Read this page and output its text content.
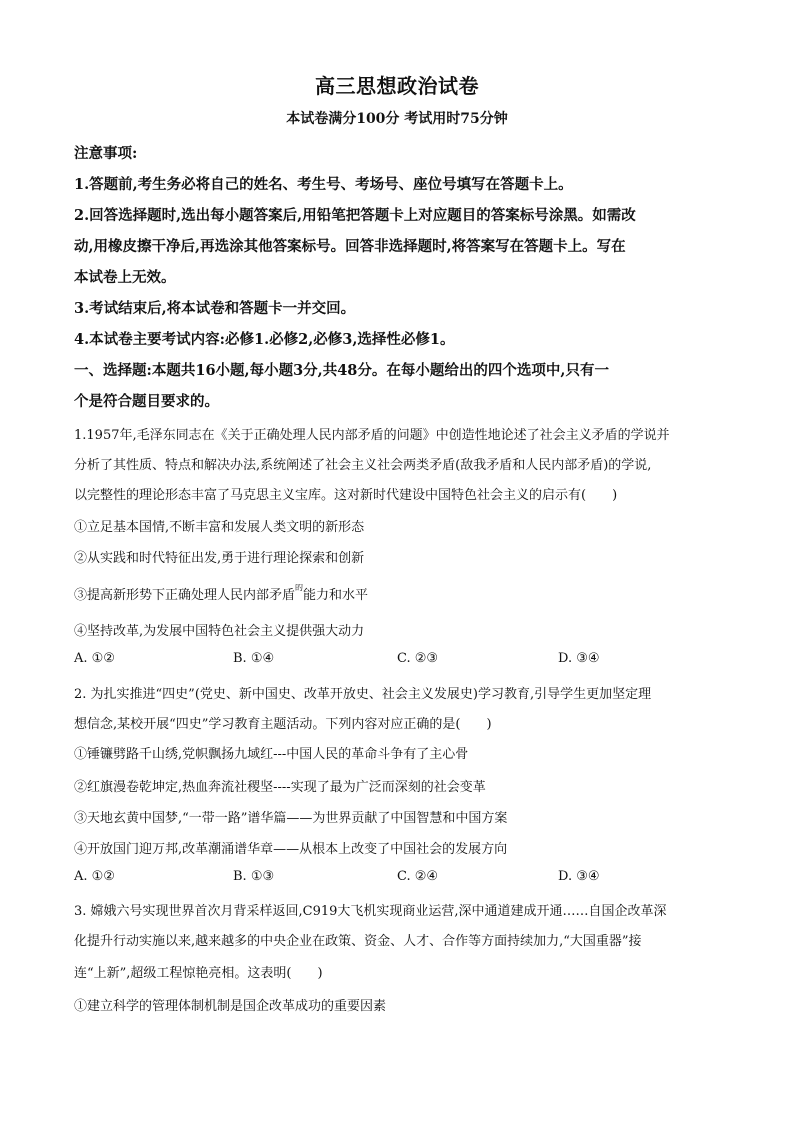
高三思想政治试卷
本试卷满分100分 考试用时75分钟
注意事项:
1.答题前,考生务必将自己的姓名、考生号、考场号、座位号填写在答题卡上。
2.回答选择题时,选出每小题答案后,用铅笔把答题卡上对应题目的答案标号涂黑。如需改
动,用橡皮擦干净后,再选涂其他答案标号。回答非选择题时,将答案写在答题卡上。写在
本试卷上无效。
3.考试结束后,将本试卷和答题卡一并交回。
4.本试卷主要考试内容:必修1.必修2,必修3,选择性必修1。
一、选择题:本题共16小题,每小题3分,共48分。在每小题给出的四个选项中,只有一
个是符合题目要求的。
1.1957年,毛泽东同志在《关于正确处理人民内部矛盾的问题》中创造性地论述了社会主义矛盾的学说并
分析了其性质、特点和解决办法,系统阐述了社会主义社会两类矛盾(敌我矛盾和人民内部矛盾)的学说,
以完整性的理论形态丰富了马克思主义宝库。这对新时代建设中国特色社会主义的启示有(　　)
①立足基本国情,不断丰富和发展人类文明的新形态
②从实践和时代特征出发,勇于进行理论探索和创新
③提高新形势下正确处理人民内部矛盾$^的$能力和水平
④坚持改革,为发展中国特色社会主义提供强大动力
A. ①②	B. ①④	C. ②③	D. ③④
2. 为扎实推进“四史”(党史、新中国史、改革开放史、社会主义发展史)学习教育,引导学生更加坚定理
想信念,某校开展“四史”学习教育主题活动。下列内容对应正确的是(　　)
①锤镰劈路千山绣,党帜飘扬九域红---中国人民的革命斗争有了主心骨
②红旗漫卷乾坤定,热血奔流社稷坚----实现了最为广泛而深刻的社会变革
③天地玄黄中国梦,“一带一路”谱华篇——为世界贡献了中国智慧和中国方案
④开放国门迎万邦,改革潮涌谱华章——从根本上改变了中国社会的发展方向
A. ①②	B. ①③	C. ②④	D. ③④
3. 嫦娥六号实现世界首次月背采样返回,C919大飞机实现商业运营,深中通道建成开通……自国企改革深
化提升行动实施以来,越来越多的中央企业在政策、资金、人才、合作等方面持续加力,“大国重器”接
连“上新”,超级工程惊艳亮相。这表明(　　)
①建立科学的管理体制机制是国企改革成功的重要因素
